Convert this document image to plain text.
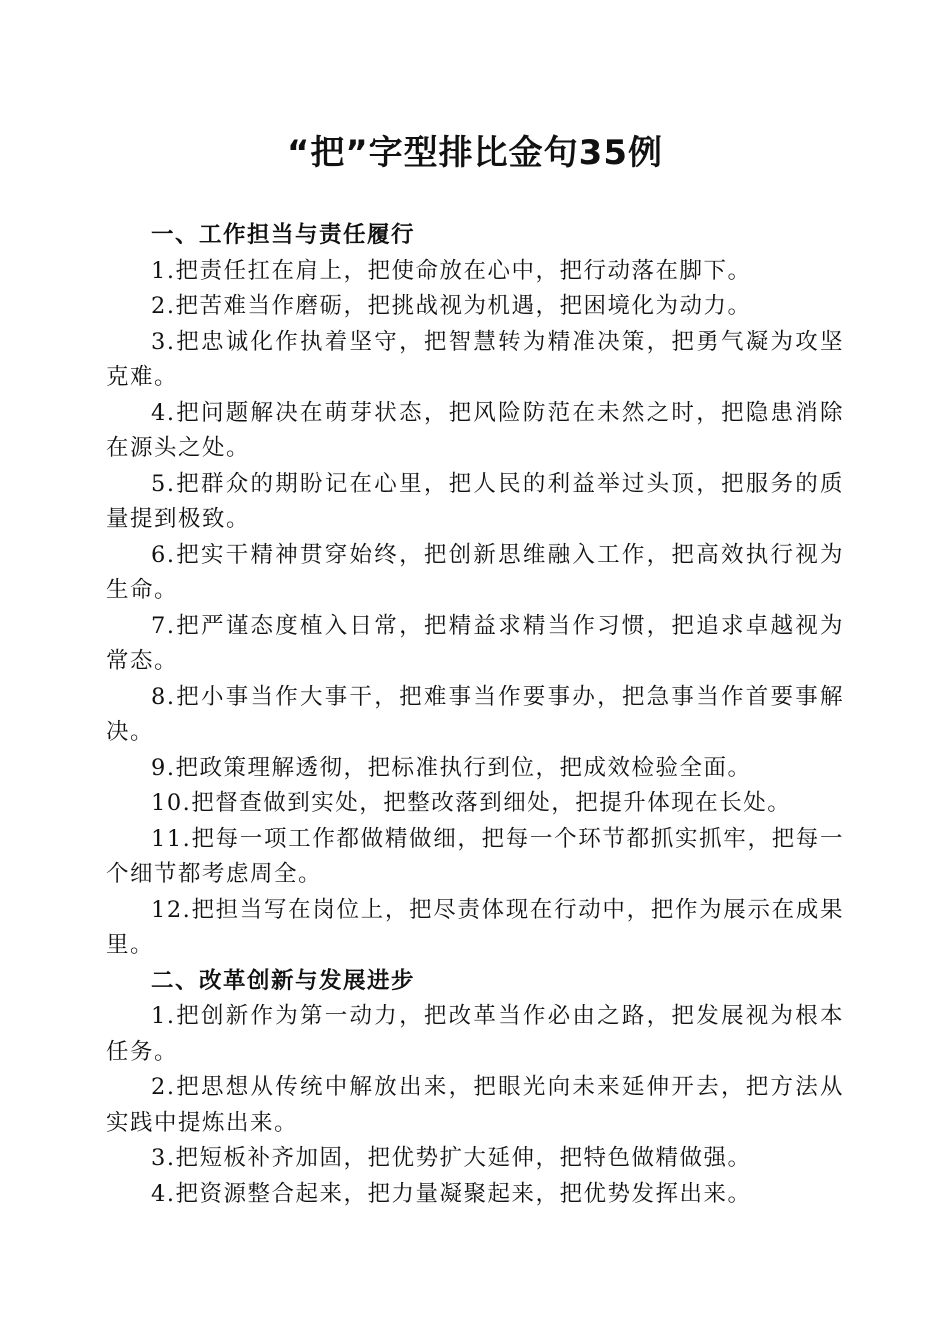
“把”字型排比金句35例

一、工作担当与责任履行

1.把责任扛在肩上，把使命放在心中，把行动落在脚下。

2.把苦难当作磨砺，把挑战视为机遇，把困境化为动力。

3.把忠诚化作执着坚守，把智慧转为精准决策，把勇气凝为攻坚克难。

4.把问题解决在萌芽状态，把风险防范在未然之时，把隐患消除在源头之处。

5.把群众的期盼记在心里，把人民的利益举过头顶，把服务的质量提到极致。

6.把实干精神贯穿始终，把创新思维融入工作，把高效执行视为生命。

7.把严谨态度植入日常，把精益求精当作习惯，把追求卓越视为常态。

8.把小事当作大事干，把难事当作要事办，把急事当作首要事解决。

9.把政策理解透彻，把标准执行到位，把成效检验全面。

10.把督查做到实处，把整改落到细处，把提升体现在长处。

11.把每一项工作都做精做细，把每一个环节都抓实抓牢，把每一个细节都考虑周全。

12.把担当写在岗位上，把尽责体现在行动中，把作为展示在成果里。

二、改革创新与发展进步

1.把创新作为第一动力，把改革当作必由之路，把发展视为根本任务。

2.把思想从传统中解放出来，把眼光向未来延伸开去，把方法从实践中提炼出来。

3.把短板补齐加固，把优势扩大延伸，把特色做精做强。

4.把资源整合起来，把力量凝聚起来，把优势发挥出来。
